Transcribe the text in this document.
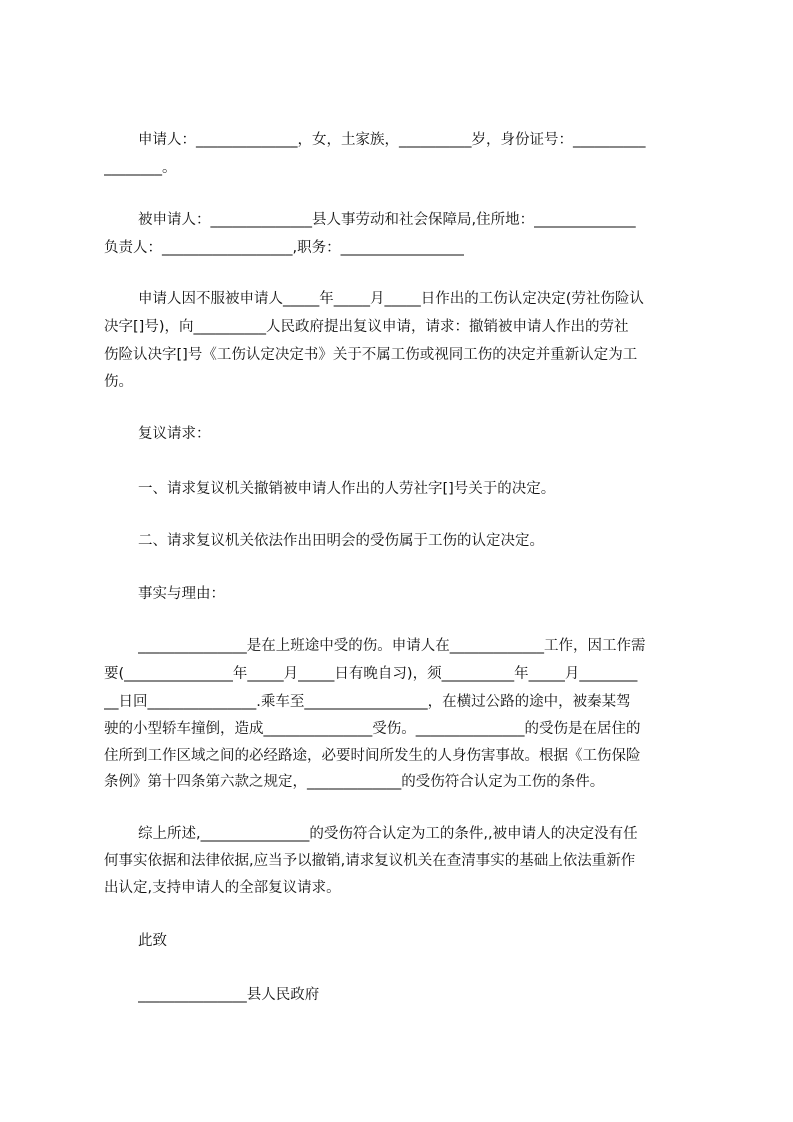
申请人：______________，女，土家族，__________岁，身份证号：__________
________。
被申请人：______________县人事劳动和社会保障局,住所地：______________
负责人：__________________,职务：_________________
申请人因不服被申请人_____年_____月_____日作出的工伤认定决定(劳社伤险认
决字[]号)，向__________人民政府提出复议申请，请求：撤销被申请人作出的劳社
伤险认决字[]号《工伤认定决定书》关于不属工伤或视同工伤的决定并重新认定为工
伤。
复议请求：
一、请求复议机关撤销被申请人作出的人劳社字[]号关于的决定。
二、请求复议机关依法作出田明会的受伤属于工伤的认定决定。
事实与理由：
_______________是在上班途中受的伤。申请人在_____________工作，因工作需
要(_______________年_____月_____日有晚自习)，须__________年_____月________
__日回_______________.乘车至_________________，在横过公路的途中，被秦某驾
驶的小型轿车撞倒，造成_______________受伤。_______________的受伤是在居住的
住所到工作区域之间的必经路途，必要时间所发生的人身伤害事故。根据《工伤保险
条例》第十四条第六款之规定，_____________的受伤符合认定为工伤的条件。
综上所述,_______________的受伤符合认定为工的条件,,被申请人的决定没有任
何事实依据和法律依据,应当予以撤销,请求复议机关在查清事实的基础上依法重新作
出认定,支持申请人的全部复议请求。
此致
_______________县人民政府
